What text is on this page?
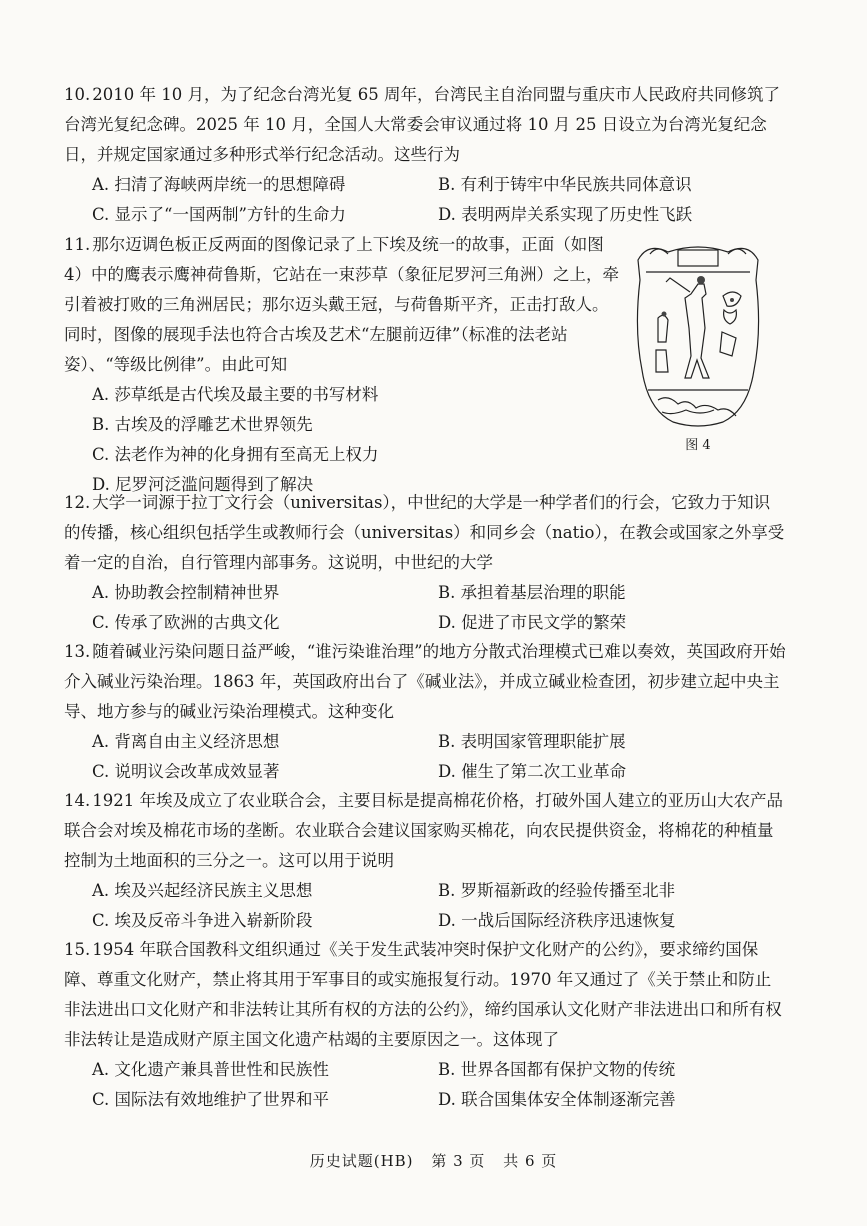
10. 2010 年 10 月，为了纪念台湾光复 65 周年，台湾民主自治同盟与重庆市人民政府共同修筑了台湾光复纪念碑。2025 年 10 月，全国人大常委会审议通过将 10 月 25 日设立为台湾光复纪念日，并规定国家通过多种形式举行纪念活动。这些行为

A. 扫清了海峡两岸统一的思想障碍	B. 有利于铸牢中华民族共同体意识
C. 显示了“一国两制”方针的生命力	D. 表明两岸关系实现了历史性飞跃

11. 那尔迈调色板正反两面的图像记录了上下埃及统一的故事，正面（如图 4）中的鹰表示鹰神荷鲁斯，它站在一束莎草（象征尼罗河三角洲）之上，牵引着被打败的三角洲居民；那尔迈头戴王冠，与荷鲁斯平齐，正击打敌人。同时，图像的展现手法也符合古埃及艺术“左腿前迈律”（标准的法老站姿）、“等级比例律”。由此可知

A. 莎草纸是古代埃及最主要的书写材料
B. 古埃及的浮雕艺术世界领先
C. 法老作为神的化身拥有至高无上权力
D. 尼罗河泛滥问题得到了解决
图 4

12. 大学一词源于拉丁文行会（universitas），中世纪的大学是一种学者们的行会，它致力于知识的传播，核心组织包括学生或教师行会（universitas）和同乡会（natio），在教会或国家之外享受着一定的自治，自行管理内部事务。这说明，中世纪的大学

A. 协助教会控制精神世界	B. 承担着基层治理的职能
C. 传承了欧洲的古典文化	D. 促进了市民文学的繁荣

13. 随着碱业污染问题日益严峻，“谁污染谁治理”的地方分散式治理模式已难以奏效，英国政府开始介入碱业污染治理。1863 年，英国政府出台了《碱业法》，并成立碱业检查团，初步建立起中央主导、地方参与的碱业污染治理模式。这种变化

A. 背离自由主义经济思想	B. 表明国家管理职能扩展
C. 说明议会改革成效显著	D. 催生了第二次工业革命

14. 1921 年埃及成立了农业联合会，主要目标是提高棉花价格，打破外国人建立的亚历山大农产品联合会对埃及棉花市场的垄断。农业联合会建议国家购买棉花，向农民提供资金，将棉花的种植量控制为土地面积的三分之一。这可以用于说明

A. 埃及兴起经济民族主义思想	B. 罗斯福新政的经验传播至北非
C. 埃及反帝斗争进入崭新阶段	D. 一战后国际经济秩序迅速恢复

15. 1954 年联合国教科文组织通过《关于发生武装冲突时保护文化财产的公约》，要求缔约国保障、尊重文化财产，禁止将其用于军事目的或实施报复行动。1970 年又通过了《关于禁止和防止非法进出口文化财产和非法转让其所有权的方法的公约》，缔约国承认文化财产非法进出口和所有权非法转让是造成财产原主国文化遗产枯竭的主要原因之一。这体现了

A. 文化遗产兼具普世性和民族性	B. 世界各国都有保护文物的传统
C. 国际法有效地维护了世界和平	D. 联合国集体安全体制逐渐完善
历史试题(HB) 第 3 页 共 6 页
